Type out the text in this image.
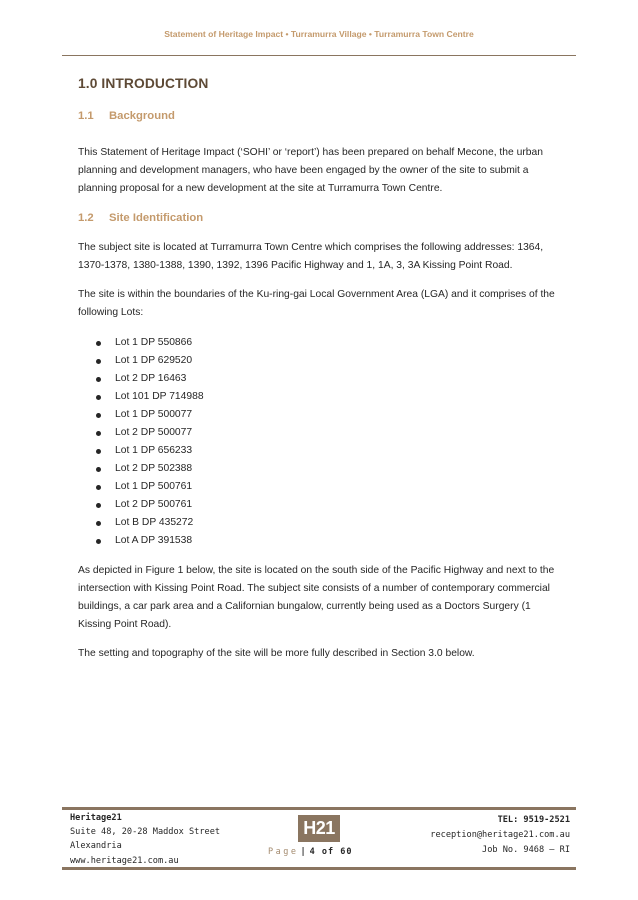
Statement of Heritage Impact • Turramurra Village • Turramurra Town Centre
1.0 INTRODUCTION
1.1	Background

This Statement of Heritage Impact (‘SOHI’ or ‘report’) has been prepared on behalf Mecone, the urban planning and development managers, who have been engaged by the owner of the site to submit a planning proposal for a new development at the site at Turramurra Town Centre.

1.2	Site Identification

The subject site is located at Turramurra Town Centre which comprises the following addresses: 1364, 1370-1378, 1380-1388, 1390, 1392, 1396 Pacific Highway and 1, 1A, 3, 3A Kissing Point Road.

The site is within the boundaries of the Ku-ring-gai Local Government Area (LGA) and it comprises of the following Lots:

Lot 1 DP 550866
Lot 1 DP 629520
Lot 2 DP 16463
Lot 101 DP 714988
Lot 1 DP 500077
Lot 2 DP 500077
Lot 1 DP 656233
Lot 2 DP 502388
Lot 1 DP 500761
Lot 2 DP 500761
Lot B DP 435272
Lot A DP 391538

As depicted in Figure 1 below, the site is located on the south side of the Pacific Highway and next to the intersection with Kissing Point Road. The subject site consists of a number of contemporary commercial buildings, a car park area and a Californian bungalow, currently being used as a Doctors Surgery (1 Kissing Point Road).

The setting and topography of the site will be more fully described in Section 3.0 below.

Heritage21
Suite 48, 20-28 Maddox Street
Alexandria
www.heritage21.com.au
H21
Page | 4 of 60
TEL: 9519-2521
reception@heritage21.com.au
Job No. 9468 – RI
